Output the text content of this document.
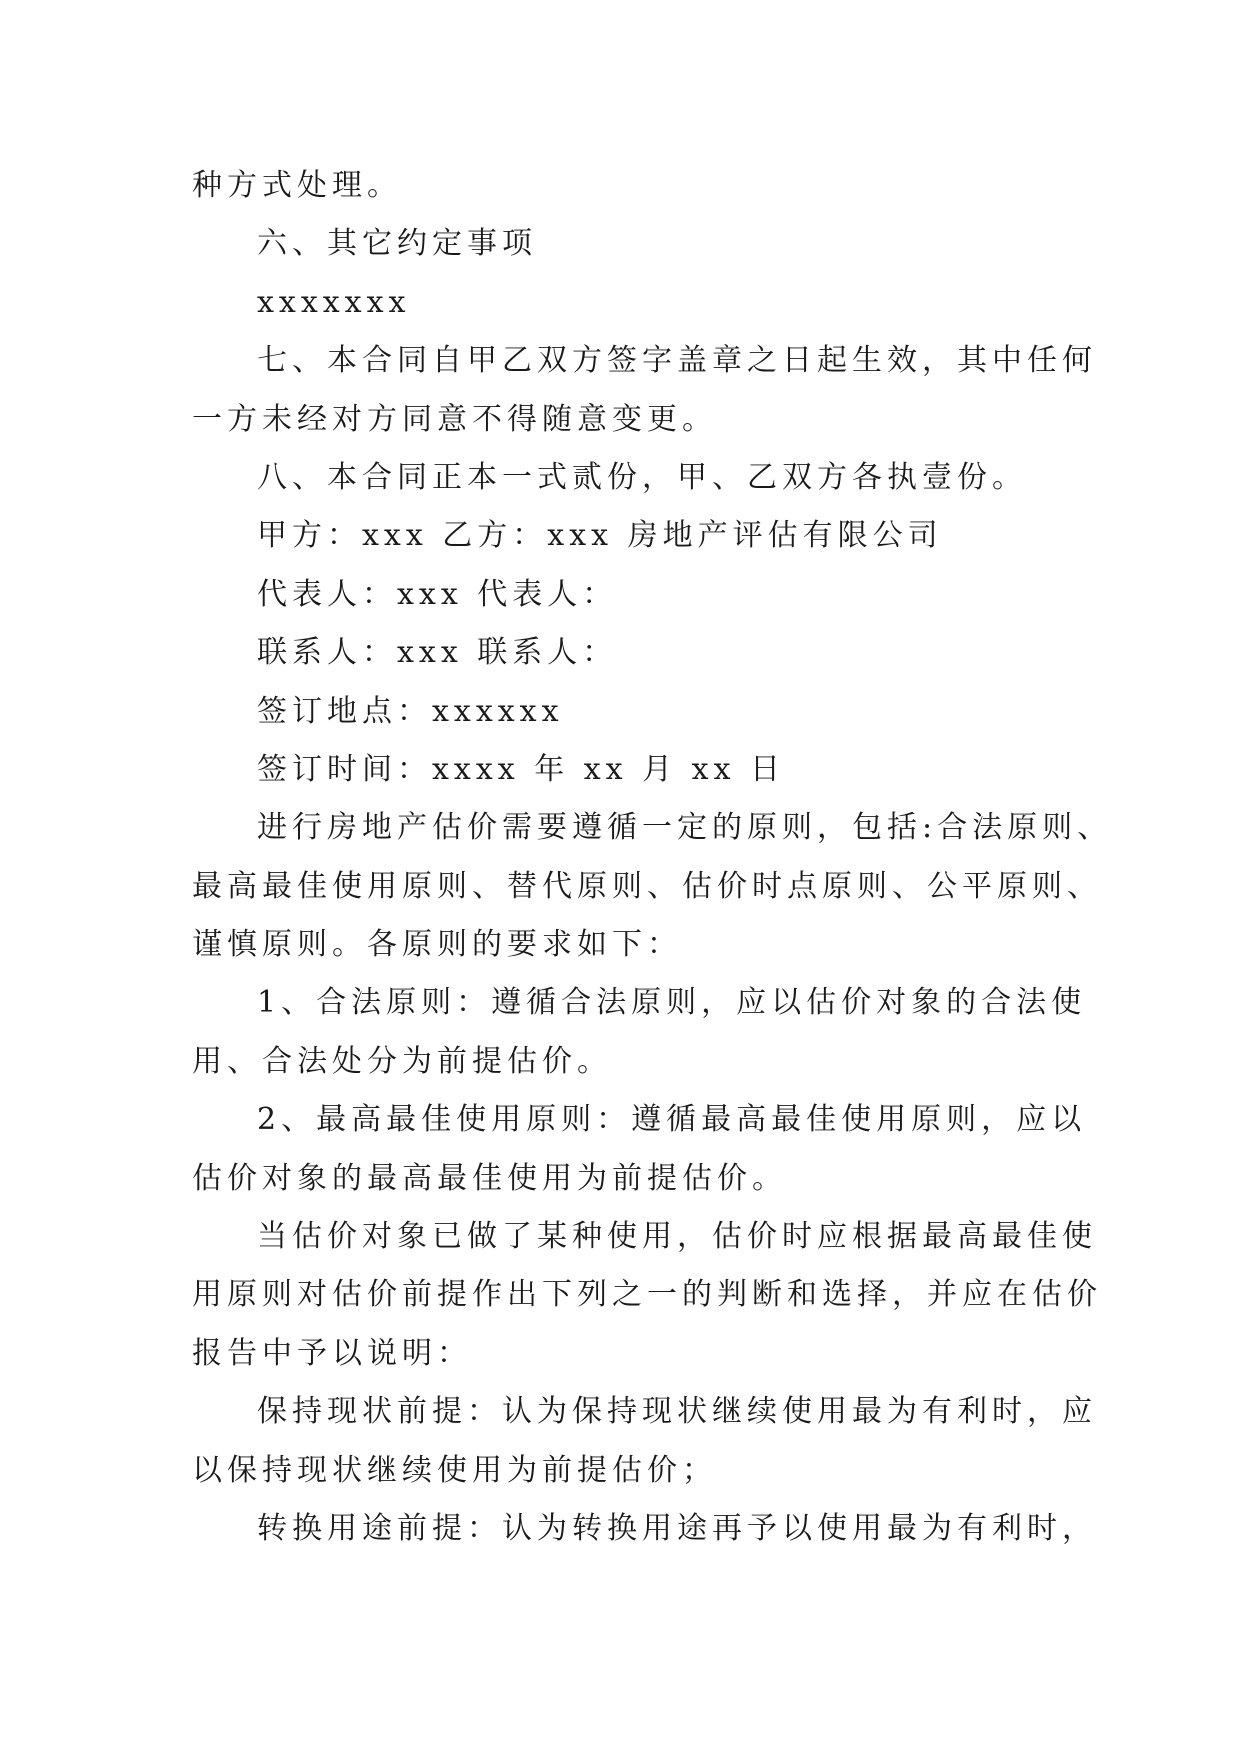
种方式处理。
六、其它约定事项
xxxxxxx
七、本合同自甲乙双方签字盖章之日起生效，其中任何
一方未经对方同意不得随意变更。
八、本合同正本一式贰份，甲、乙双方各执壹份。
甲方：xxx 乙方：xxx 房地产评估有限公司
代表人：xxx 代表人：
联系人：xxx 联系人：
签订地点：xxxxxx
签订时间：xxxx 年 xx 月 xx 日
进行房地产估价需要遵循一定的原则，包括:合法原则、
最高最佳使用原则、替代原则、估价时点原则、公平原则、
谨慎原则。各原则的要求如下：
1、合法原则：遵循合法原则，应以估价对象的合法使
用、合法处分为前提估价。
2、最高最佳使用原则：遵循最高最佳使用原则，应以
估价对象的最高最佳使用为前提估价。
当估价对象已做了某种使用，估价时应根据最高最佳使
用原则对估价前提作出下列之一的判断和选择，并应在估价
报告中予以说明：
保持现状前提：认为保持现状继续使用最为有利时，应
以保持现状继续使用为前提估价；
转换用途前提：认为转换用途再予以使用最为有利时，
